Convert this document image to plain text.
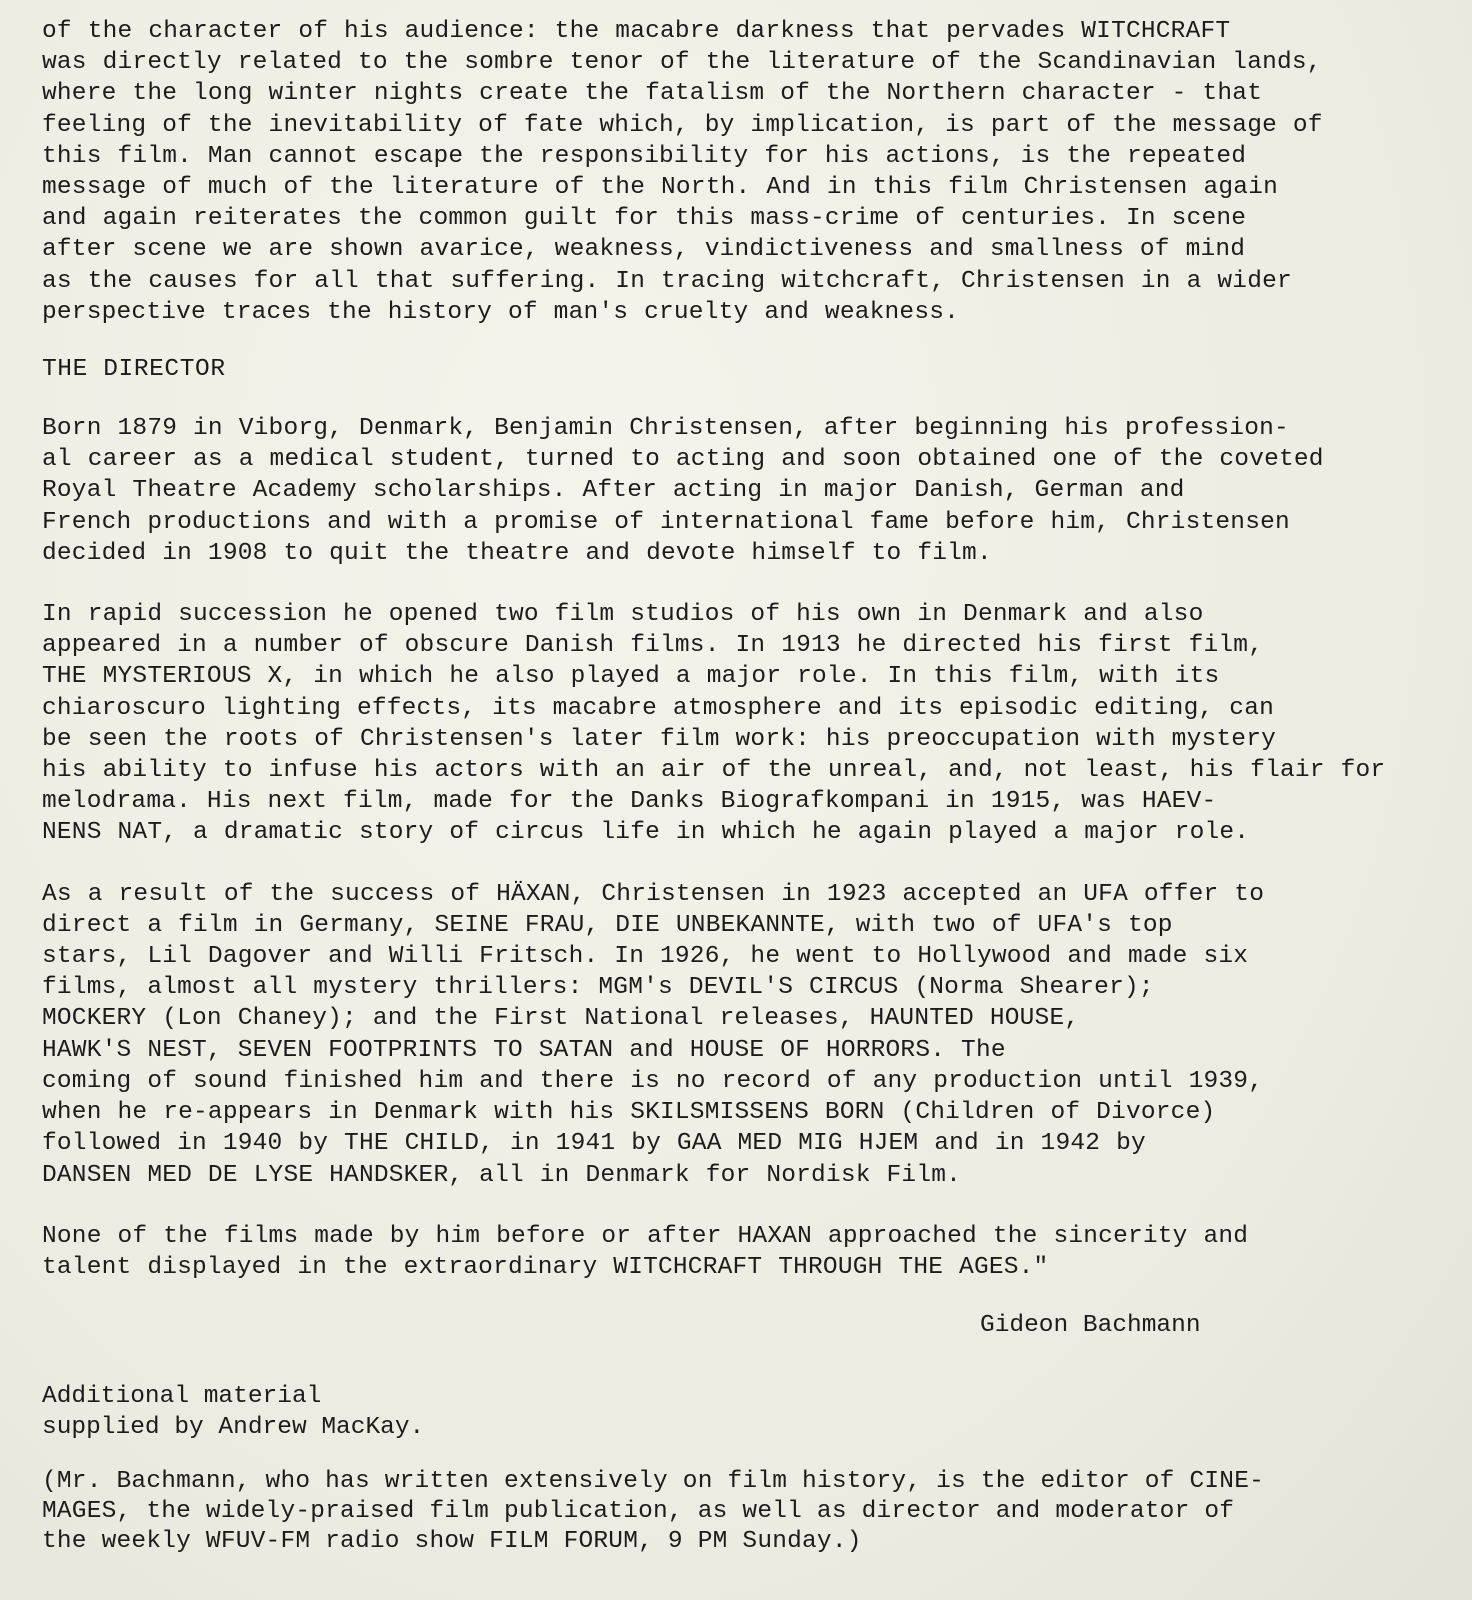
of the character of his audience: the macabre darkness that pervades WITCHCRAFT
was directly related to the sombre tenor of the literature of the Scandinavian lands,
where the long winter nights create the fatalism of the Northern character - that
feeling of the inevitability of fate which, by implication, is part of the message of
this film. Man cannot escape the responsibility for his actions, is the repeated
message of much of the literature of the North. And in this film Christensen again
and again reiterates the common guilt for this mass-crime of centuries. In scene
after scene we are shown avarice, weakness, vindictiveness and smallness of mind
as the causes for all that suffering. In tracing witchcraft, Christensen in a wider
perspective traces the history of man's cruelty and weakness.

THE DIRECTOR

Born 1879 in Viborg, Denmark, Benjamin Christensen, after beginning his profession-
al career as a medical student, turned to acting and soon obtained one of the coveted
Royal Theatre Academy scholarships. After acting in major Danish, German and
French productions and with a promise of international fame before him, Christensen
decided in 1908 to quit the theatre and devote himself to film.

In rapid succession he opened two film studios of his own in Denmark and also
appeared in a number of obscure Danish films. In 1913 he directed his first film,
THE MYSTERIOUS X, in which he also played a major role. In this film, with its
chiaroscuro lighting effects, its macabre atmosphere and its episodic editing, can
be seen the roots of Christensen's later film work: his preoccupation with mystery
his ability to infuse his actors with an air of the unreal, and, not least, his flair for
melodrama. His next film, made for the Danks Biografkompani in 1915, was HAEV-
NENS NAT, a dramatic story of circus life in which he again played a major role.

As a result of the success of HÄXAN, Christensen in 1923 accepted an UFA offer to
direct a film in Germany, SEINE FRAU, DIE UNBEKANNTE, with two of UFA's top
stars, Lil Dagover and Willi Fritsch. In 1926, he went to Hollywood and made six
films, almost all mystery thrillers: MGM's DEVIL'S CIRCUS (Norma Shearer);
MOCKERY (Lon Chaney); and the First National releases, HAUNTED HOUSE,
HAWK'S NEST, SEVEN FOOTPRINTS TO SATAN and HOUSE OF HORRORS. The
coming of sound finished him and there is no record of any production until 1939,
when he re-appears in Denmark with his SKILSMISSENS BORN (Children of Divorce)
followed in 1940 by THE CHILD, in 1941 by GAA MED MIG HJEM and in 1942 by
DANSEN MED DE LYSE HANDSKER, all in Denmark for Nordisk Film.

None of the films made by him before or after HAXAN approached the sincerity and
talent displayed in the extraordinary WITCHCRAFT THROUGH THE AGES."

Gideon Bachmann
Additional material
supplied by Andrew MacKay.
(Mr. Bachmann, who has written extensively on film history, is the editor of CINE-
MAGES, the widely-praised film publication, as well as director and moderator of
the weekly WFUV-FM radio show FILM FORUM, 9 PM Sunday.)
